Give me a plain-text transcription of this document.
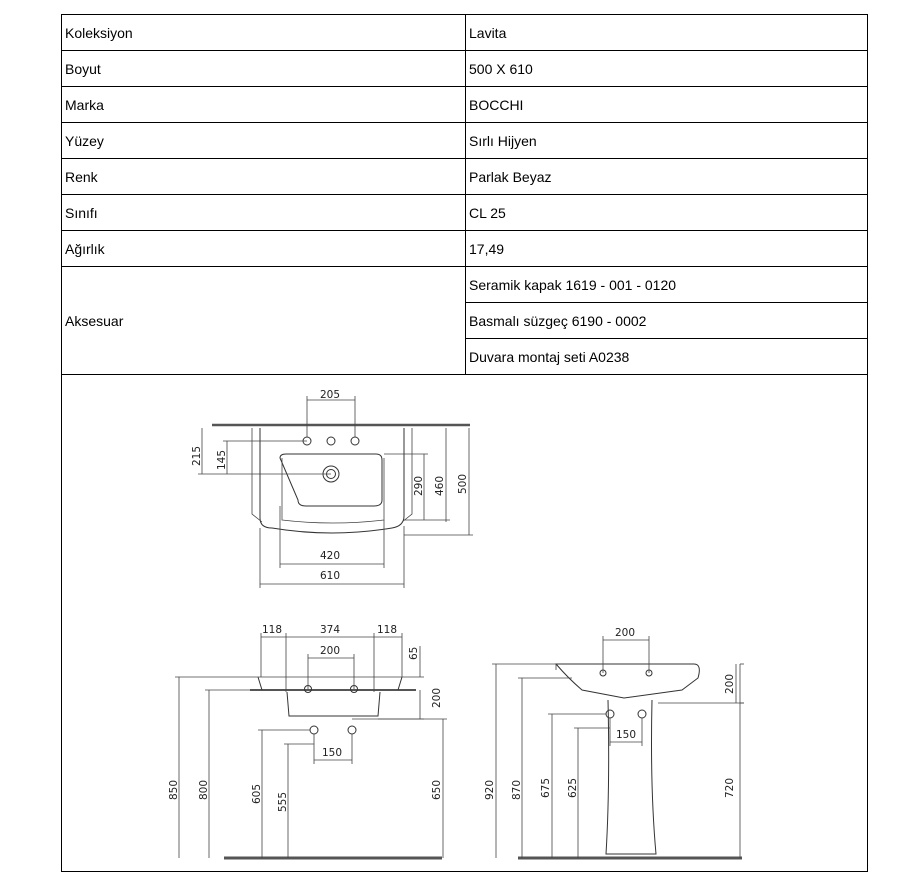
Koleksiyon	Lavita
Boyut	500 X 610
Marka	BOCCHI
Yüzey	Sırlı Hijyen
Renk	Parlak Beyaz
Sınıfı	CL 25
Ağırlık	17,49
Aksesuar	Seramik kapak 1619 - 001 - 0120
	Basmalı süzgeç 6190 - 0002
	Duvara montaj seti A0238
205
215 145
290 460 500
420
610
118	374	118
200	65
200
150
850 800	605 555
650
200
150
200
920 870 675 625	720
